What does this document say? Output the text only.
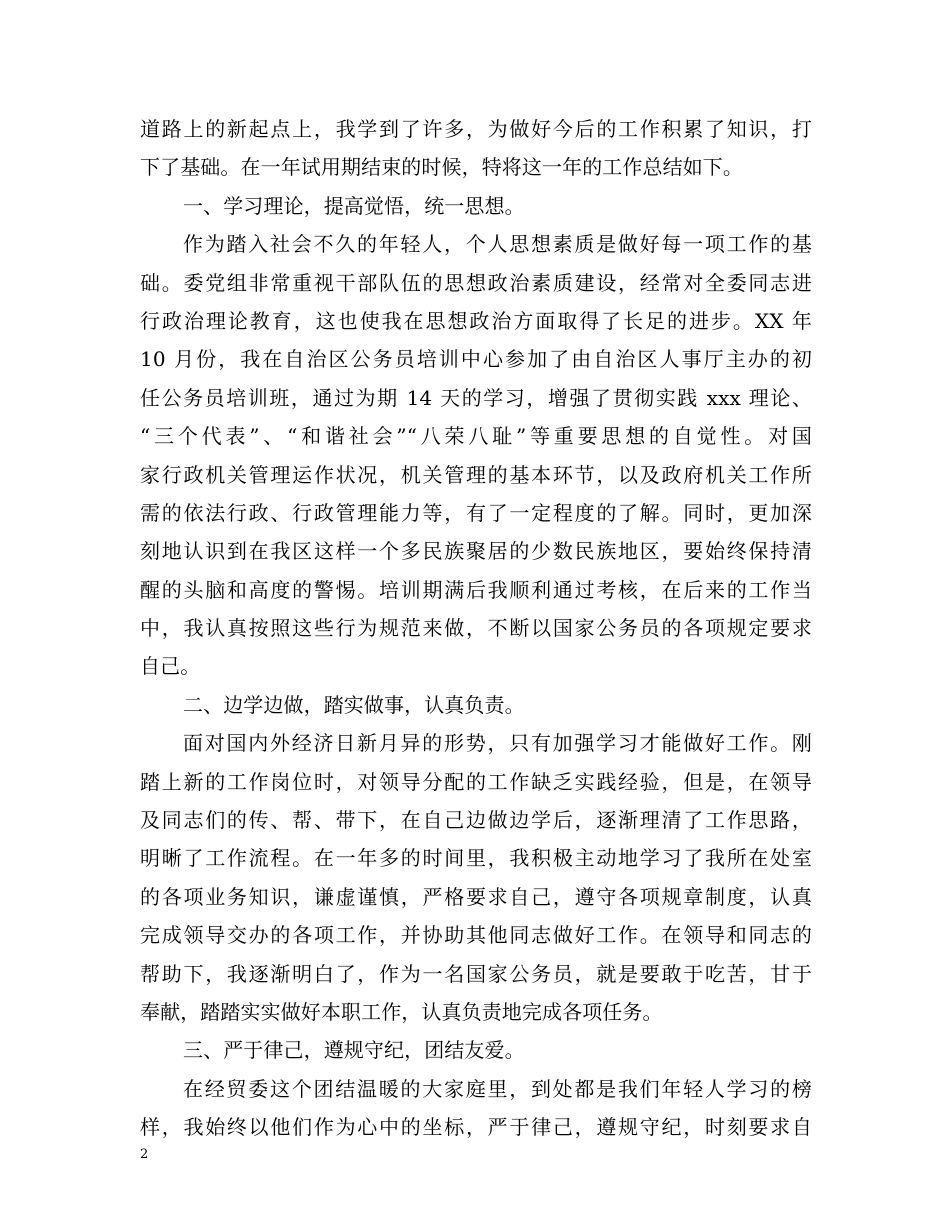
道路上的新起点上，我学到了许多，为做好今后的工作积累了知识，打
下了基础。在一年试用期结束的时候，特将这一年的工作总结如下。
一、学习理论，提高觉悟，统一思想。
作为踏入社会不久的年轻人，个人思想素质是做好每一项工作的基
础。委党组非常重视干部队伍的思想政治素质建设，经常对全委同志进
行政治理论教育，这也使我在思想政治方面取得了长足的进步。XX 年
10 月份，我在自治区公务员培训中心参加了由自治区人事厅主办的初
任公务员培训班，通过为期 14 天的学习，增强了贯彻实践 xxx 理论、
“三个代表”、“和谐社会”“八荣八耻”等重要思想的自觉性。对国
家行政机关管理运作状况，机关管理的基本环节，以及政府机关工作所
需的依法行政、行政管理能力等，有了一定程度的了解。同时，更加深
刻地认识到在我区这样一个多民族聚居的少数民族地区，要始终保持清
醒的头脑和高度的警惕。培训期满后我顺利通过考核，在后来的工作当
中，我认真按照这些行为规范来做，不断以国家公务员的各项规定要求
自己。
二、边学边做，踏实做事，认真负责。
面对国内外经济日新月异的形势，只有加强学习才能做好工作。刚
踏上新的工作岗位时，对领导分配的工作缺乏实践经验，但是，在领导
及同志们的传、帮、带下，在自己边做边学后，逐渐理清了工作思路，
明晰了工作流程。在一年多的时间里，我积极主动地学习了我所在处室
的各项业务知识，谦虚谨慎，严格要求自己，遵守各项规章制度，认真
完成领导交办的各项工作，并协助其他同志做好工作。在领导和同志的
帮助下，我逐渐明白了，作为一名国家公务员，就是要敢于吃苦，甘于
奉献，踏踏实实做好本职工作，认真负责地完成各项任务。
三、严于律己，遵规守纪，团结友爱。
在经贸委这个团结温暖的大家庭里，到处都是我们年轻人学习的榜
样，我始终以他们作为心中的坐标，严于律己，遵规守纪，时刻要求自
2
